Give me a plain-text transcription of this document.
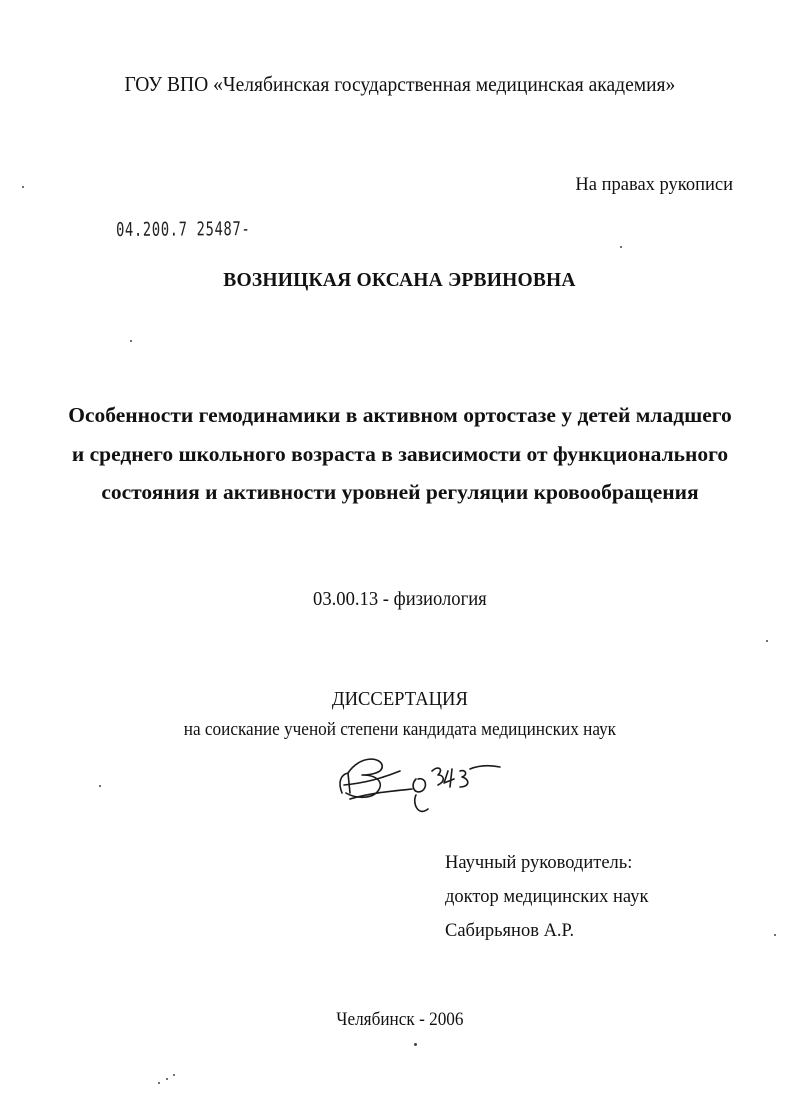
ГОУ ВПО «Челябинская государственная медицинская академия»
На правах рукописи
04.200.7 25487-
ВОЗНИЦКАЯ ОКСАНА ЭРВИНОВНА
Особенности гемодинамики в активном ортостазе у детей младшего и среднего школьного возраста в зависимости от функционального состояния и активности уровней регуляции кровообращения
03.00.13 - физиология
ДИССЕРТАЦИЯ
на соискание ученой степени кандидата медицинских наук
Научный руководитель:
доктор медицинских наук
Сабирьянов А.Р.
Челябинск - 2006
